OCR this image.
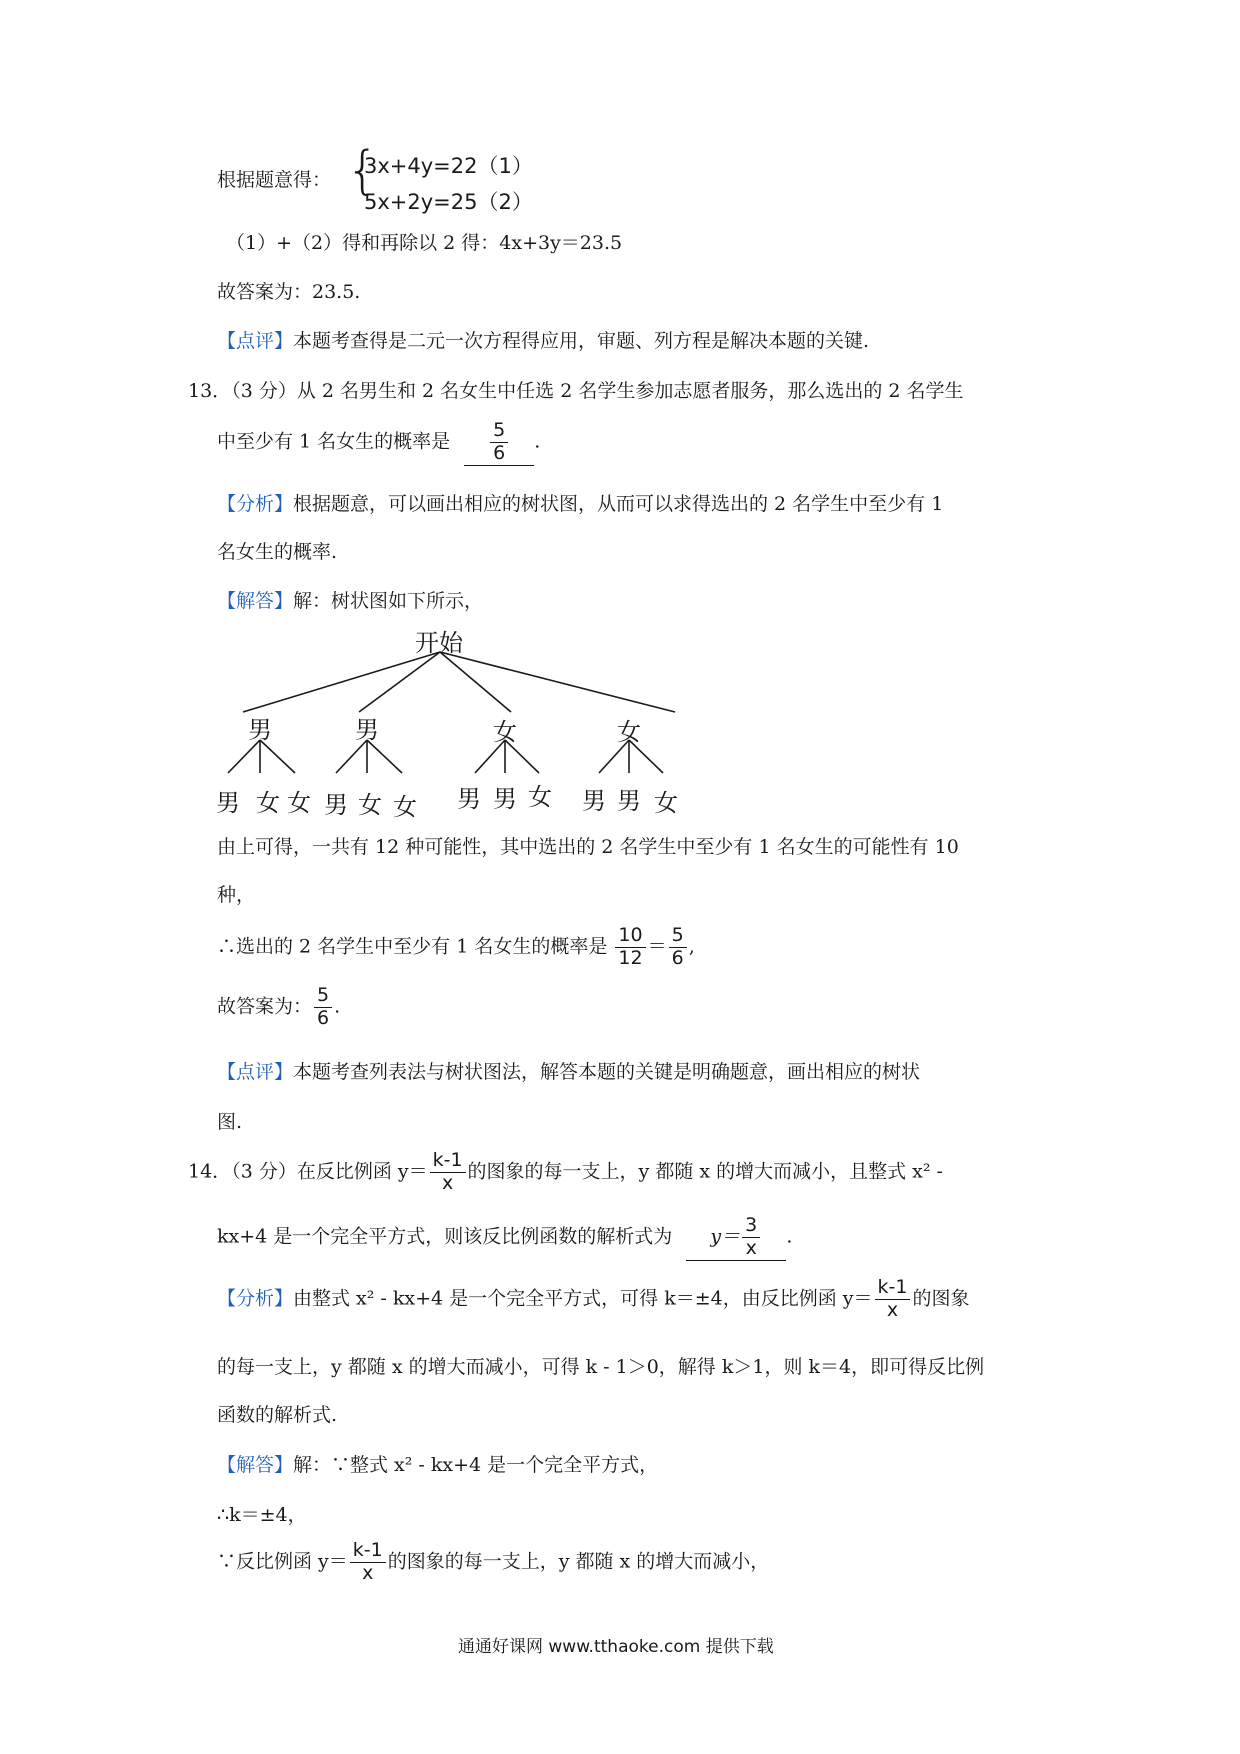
根据题意得： {
3x+4y=22（1）
5x+2y=25（2）
（1）+（2）得和再除以 2 得：4x+3y＝23.5
故答案为：23.5.
【点评】本题考查得是二元一次方程得应用，审题、列方程是解决本题的关键.
13．（3 分）从 2 名男生和 2 名女生中任选 2 名学生参加志愿者服务，那么选出的 2 名学生
中至少有 1 名女生的概率是 $\frac{5}{6}$ .
【分析】根据题意，可以画出相应的树状图，从而可以求得选出的 2 名学生中至少有 1
名女生的概率.
【解答】解：树状图如下所示，
开始
男	男	女	女
男 女 女 男 女 女 男 男 女 男 男 女
由上可得，一共有 12 种可能性，其中选出的 2 名学生中至少有 1 名女生的可能性有 10
种，
∴选出的 2 名学生中至少有 1 名女生的概率是 $\frac{10}{12} = \frac{5}{6}$ ,
故答案为： $\frac{5}{6}$ .
【点评】本题考查列表法与树状图法，解答本题的关键是明确题意，画出相应的树状
图.
14．（3 分）在反比例函 $y= \frac{k-1}{x}$ 的图象的每一支上，y 都随 x 的增大而减小，且整式 x² -
kx+4 是一个完全平方式，则该反比例函数的解析式为 $y= \frac{3}{x}$ .
【分析】由整式 x² - kx+4 是一个完全平方式，可得 k＝±4，由反比例函 $y= \frac{k-1}{x}$ 的图象
的每一支上，y 都随 x 的增大而减小，可得 k - 1＞0，解得 k＞1，则 k＝4，即可得反比例
函数的解析式.
【解答】解：∵整式 x² - kx+4 是一个完全平方式，
∴k＝±4，
∵反比例函 $y= \frac{k-1}{x}$ 的图象的每一支上，y 都随 x 的增大而减小，
通通好课网 www.tthaoke.com 提供下载
